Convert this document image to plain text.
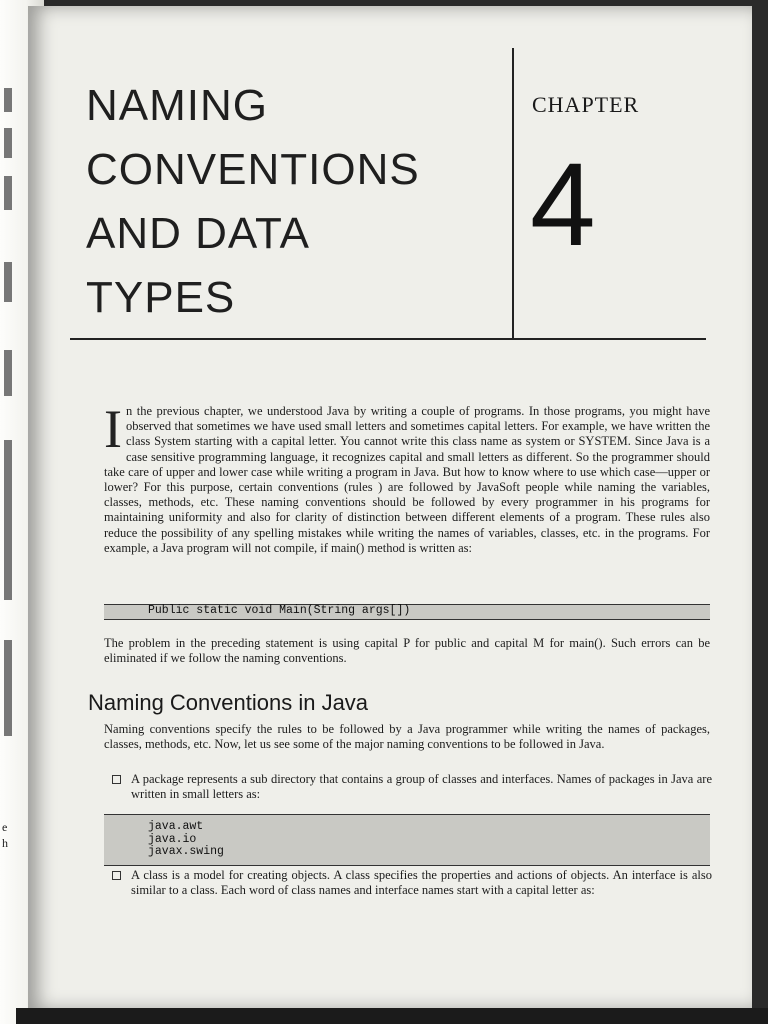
e
h
NAMING
CONVENTIONS
AND DATA
TYPES
CHAPTER
4
I n the previous chapter, we understood Java by writing a couple of programs. In those programs, you might have observed that sometimes we have used small letters and sometimes capital letters. For example, we have written the class System starting with a capital letter. You cannot write this class name as system or SYSTEM. Since Java is a case sensitive programming language, it recognizes capital and small letters as different. So the programmer should take care of upper and lower case while writing a program in Java. But how to know where to use which case—upper or lower? For this purpose, certain conventions (rules ) are followed by JavaSoft people while naming the variables, classes, methods, etc. These naming conventions should be followed by every programmer in his programs for maintaining uniformity and also for clarity of distinction between different elements of a program. These rules also reduce the possibility of any spelling mistakes while writing the names of variables, classes, etc. in the programs. For example, a Java program will not compile, if main() method is written as:
Public static void Main(String args[])
The problem in the preceding statement is using capital P for public and capital M for main(). Such errors can be eliminated if we follow the naming conventions.
Naming Conventions in Java
Naming conventions specify the rules to be followed by a Java programmer while writing the names of packages, classes, methods, etc. Now, let us see some of the major naming conventions to be followed in Java.
A package represents a sub directory that contains a group of classes and interfaces. Names of packages in Java are written in small letters as:
java.awt
java.io
javax.swing
A class is a model for creating objects. A class specifies the properties and actions of objects. An interface is also similar to a class. Each word of class names and interface names start with a capital letter as:
